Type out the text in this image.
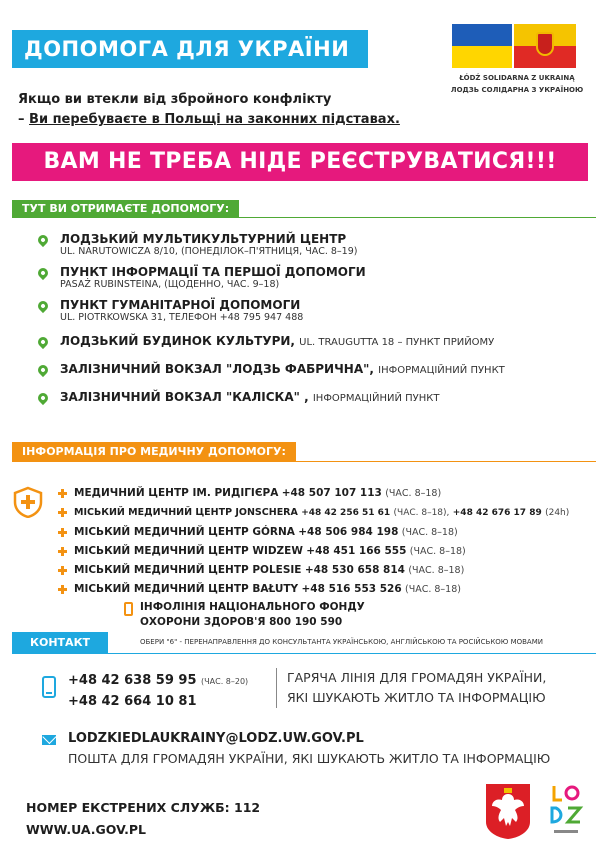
ДОПОМОГА ДЛЯ УКРАЇНИ
ŁÓDŹ SOLIDARNA Z UKRAINĄ
ЛОДЗЬ СОЛІДАРНА З УКРАЇНОЮ
Якщо ви втекли від збройного конфлікту
– Ви перебуваєте в Польщі на законних підставах.
ВАМ НЕ ТРЕБА НІДЕ РЕЄСТРУВАТИСЯ!!!
ТУТ ВИ ОТРИМАЄТЕ ДОПОМОГУ:
ЛОДЗЬКИЙ МУЛЬТИКУЛЬТУРНИЙ ЦЕНТР
UL. NARUTOWICZA 8/10, (ПОНЕДІЛОК–П'ЯТНИЦЯ, ЧАС. 8–19)
ПУНКТ ІНФОРМАЦІЇ ТА ПЕРШОЇ ДОПОМОГИ
PASAŻ RUBINSTEINA, (ЩОДЕННО, ЧАС. 9–18)
ПУНКТ ГУМАНІТАРНОЇ ДОПОМОГИ
UL. PIOTRKOWSKA 31, ТЕЛЕФОН +48 795 947 488
ЛОДЗЬКИЙ БУДИНОК КУЛЬТУРИ, UL. TRAUGUTTA 18 – ПУНКТ ПРИЙОМУ
ЗАЛІЗНИЧНИЙ ВОКЗАЛ "ЛОДЗЬ ФАБРИЧНА", ІНФОРМАЦІЙНИЙ ПУНКТ
ЗАЛІЗНИЧНИЙ ВОКЗАЛ "КАЛІСКА" , ІНФОРМАЦІЙНИЙ ПУНКТ
ІНФОРМАЦІЯ ПРО МЕДИЧНУ ДОПОМОГУ:
МЕДИЧНИЙ ЦЕНТР ІМ. РИДІГІЄРА +48 507 107 113 (ЧАС. 8–18)
МІСЬКИЙ МЕДИЧНИЙ ЦЕНТР JONSCHERA +48 42 256 51 61 (ЧАС. 8–18), +48 42 676 17 89 (24h)
МІСЬКИЙ МЕДИЧНИЙ ЦЕНТР GÓRNA +48 506 984 198 (ЧАС. 8–18)
МІСЬКИЙ МЕДИЧНИЙ ЦЕНТР WIDZEW +48 451 166 555 (ЧАС. 8–18)
МІСЬКИЙ МЕДИЧНИЙ ЦЕНТР POLESIE +48 530 658 814 (ЧАС. 8–18)
МІСЬКИЙ МЕДИЧНИЙ ЦЕНТР BAŁUTY +48 516 553 526 (ЧАС. 8–18)
ІНФОЛІНІЯ НАЦІОНАЛЬНОГО ФОНДУ
ОХОРОНИ ЗДОРОВ'Я 800 190 590
КОНТАКТ	ОБЕРИ "6" - ПЕРЕНАПРАВЛЕННЯ ДО КОНСУЛЬТАНТА УКРАЇНСЬКОЮ, АНГЛІЙСЬКОЮ ТА РОСІЙСЬКОЮ МОВАМИ
+48 42 638 59 95 (ЧАС. 8–20)
+48 42 664 10 81
ГАРЯЧА ЛІНІЯ ДЛЯ ГРОМАДЯН УКРАЇНИ,
ЯКІ ШУКАЮТЬ ЖИТЛО ТА ІНФОРМАЦІЮ
LODZKIEDLAUKRAINY@LODZ.UW.GOV.PL
ПОШТА ДЛЯ ГРОМАДЯН УКРАЇНИ, ЯКІ ШУКАЮТЬ ЖИТЛО ТА ІНФОРМАЦІЮ
НОМЕР ЕКСТРЕНИХ СЛУЖБ: 112
WWW.UA.GOV.PL
